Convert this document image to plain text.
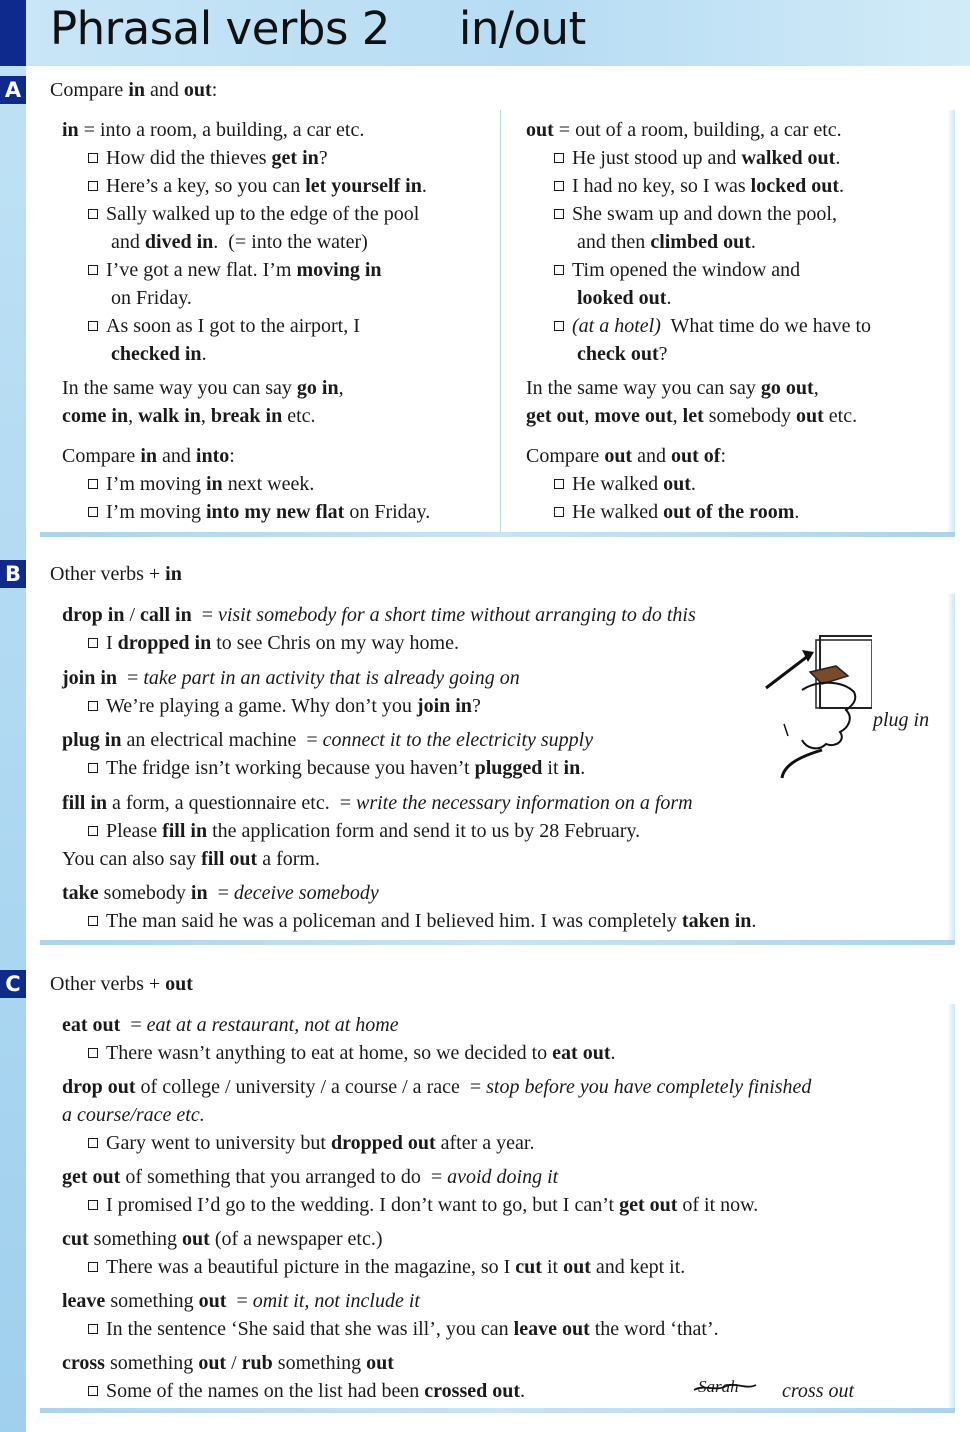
Phrasal verbs 2     in/out
A Compare in and out:
in = into a room, a building, a car etc.
How did the thieves get in?
Here’s a key, so you can let yourself in.
Sally walked up to the edge of the pool
and dived in.  (= into the water)
I’ve got a new flat. I’m moving in
on Friday.
As soon as I got to the airport, I
checked in.
In the same way you can say go in,
come in, walk in, break in etc.
Compare in and into:
I’m moving in next week.
I’m moving into my new flat on Friday.
out = out of a room, building, a car etc.
He just stood up and walked out.
I had no key, so I was locked out.
She swam up and down the pool,
and then climbed out.
Tim opened the window and
looked out.
(at a hotel)  What time do we have to
check out?
In the same way you can say go out,
get out, move out, let somebody out etc.
Compare out and out of:
He walked out.
He walked out of the room.
B Other verbs + in
drop in / call in  = visit somebody for a short time without arranging to do this
I dropped in to see Chris on my way home.
join in  = take part in an activity that is already going on
We’re playing a game. Why don’t you join in?
plug in an electrical machine  = connect it to the electricity supply
The fridge isn’t working because you haven’t plugged it in.
plug in
fill in a form, a questionnaire etc.  = write the necessary information on a form
Please fill in the application form and send it to us by 28 February.
You can also say fill out a form.
take somebody in  = deceive somebody
The man said he was a policeman and I believed him. I was completely taken in.
C Other verbs + out
eat out  = eat at a restaurant, not at home
There wasn’t anything to eat at home, so we decided to eat out.
drop out of college / university / a course / a race  = stop before you have completely finished
a course/race etc.
Gary went to university but dropped out after a year.
get out of something that you arranged to do  = avoid doing it
I promised I’d go to the wedding. I don’t want to go, but I can’t get out of it now.
cut something out (of a newspaper etc.)
There was a beautiful picture in the magazine, so I cut it out and kept it.
leave something out  = omit it, not include it
In the sentence ‘She said that she was ill’, you can leave out the word ‘that’.
cross something out / rub something out
Some of the names on the list had been crossed out.	Sarah cross out
